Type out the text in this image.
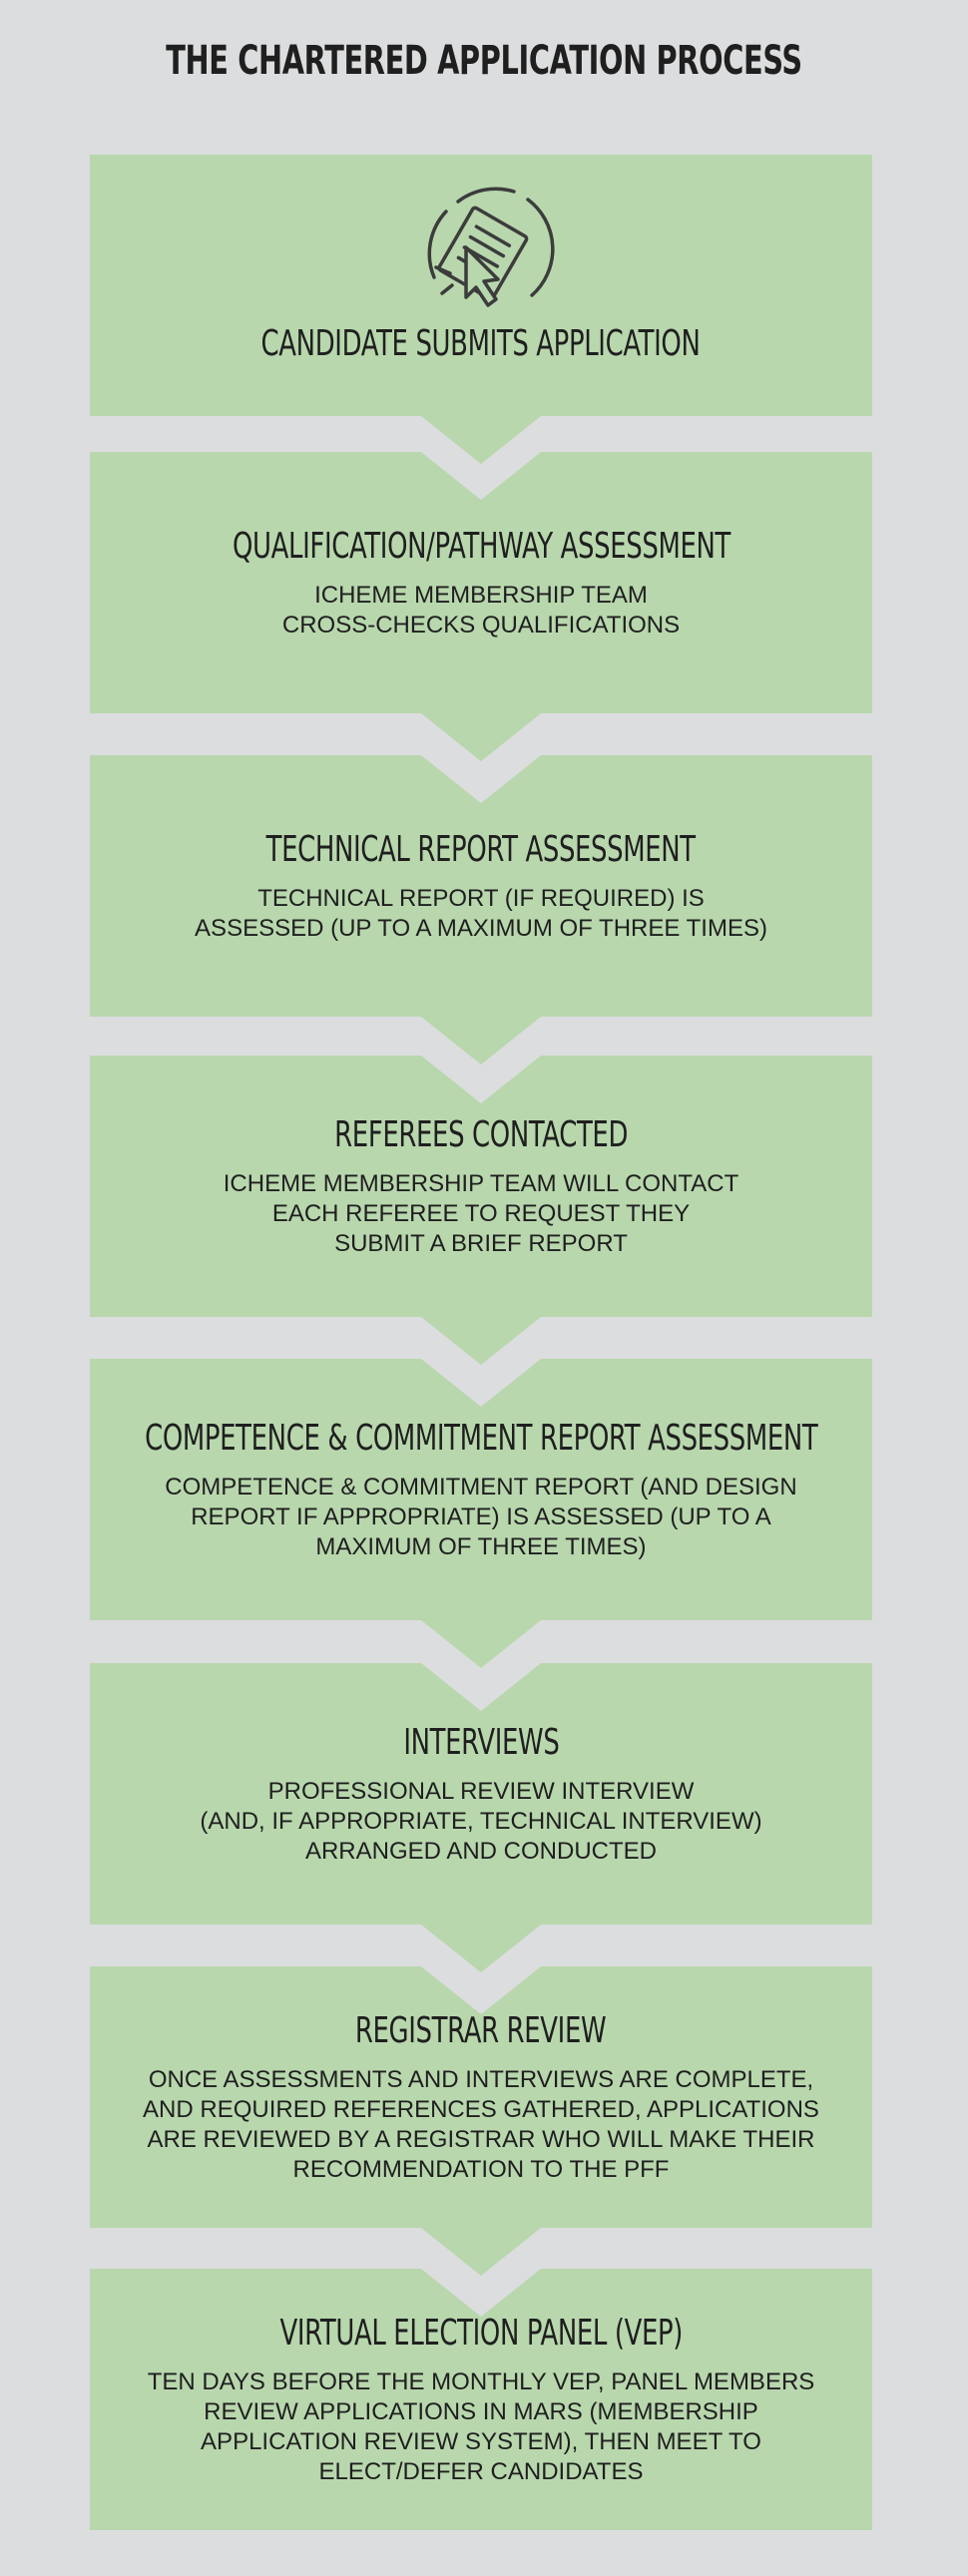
THE CHARTERED APPLICATION PROCESS
CANDIDATE SUBMITS APPLICATION
QUALIFICATION/PATHWAY ASSESSMENT

ICHEME MEMBERSHIP TEAM
CROSS-CHECKS QUALIFICATIONS

TECHNICAL REPORT ASSESSMENT

TECHNICAL REPORT (IF REQUIRED) IS
ASSESSED (UP TO A MAXIMUM OF THREE TIMES)

REFEREES CONTACTED

ICHEME MEMBERSHIP TEAM WILL CONTACT
EACH REFEREE TO REQUEST THEY
SUBMIT A BRIEF REPORT

COMPETENCE & COMMITMENT REPORT ASSESSMENT

COMPETENCE & COMMITMENT REPORT (AND DESIGN
REPORT IF APPROPRIATE) IS ASSESSED (UP TO A
MAXIMUM OF THREE TIMES)

INTERVIEWS

PROFESSIONAL REVIEW INTERVIEW
(AND, IF APPROPRIATE, TECHNICAL INTERVIEW)
ARRANGED AND CONDUCTED

REGISTRAR REVIEW

ONCE ASSESSMENTS AND INTERVIEWS ARE COMPLETE,
AND REQUIRED REFERENCES GATHERED, APPLICATIONS
ARE REVIEWED BY A REGISTRAR WHO WILL MAKE THEIR
RECOMMENDATION TO THE PFF

VIRTUAL ELECTION PANEL (VEP)

TEN DAYS BEFORE THE MONTHLY VEP, PANEL MEMBERS
REVIEW APPLICATIONS IN MARS (MEMBERSHIP
APPLICATION REVIEW SYSTEM), THEN MEET TO
ELECT/DEFER CANDIDATES
